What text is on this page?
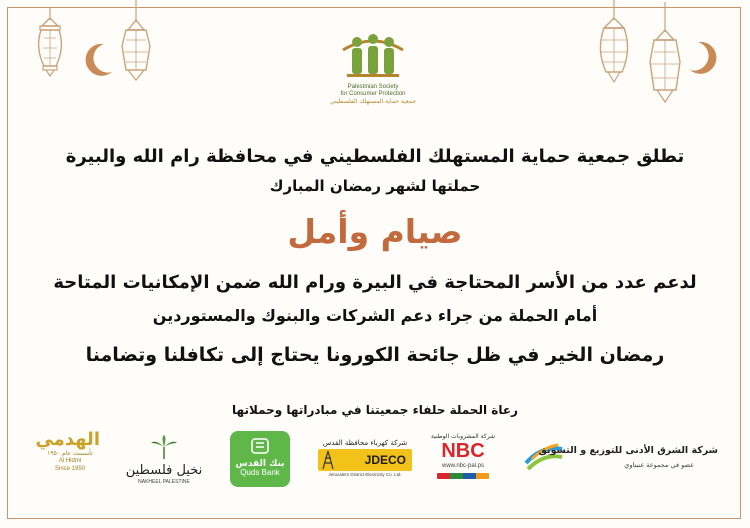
Palestinian Society
for Consumer Protection
جمعية حماية المستهلك الفلسطيني
تطلق جمعية حماية المستهلك الفلسطيني في محافظة رام الله والبيرة
حملتها لشهر رمضان المبارك
صيام وأمل
لدعم عدد من الأسر المحتاجة في البيرة ورام الله ضمن الإمكانيات المتاحة
أمام الحملة من جراء دعم الشركات والبنوك والمستوردين
رمضان الخير في ظل جائحة الكورونا يحتاج إلى تكافلنا وتضامنا
رعاة الحملة حلفاء جمعيتنا في مبادراتها وحملاتها
الهدمي
تأسست عام ١٩٥٠
Al Hidmi
Since 1950	نخيل فلسطين
NAKHEEL PALESTINE
بنك القدس
Quds Bank
شركة كهرباء محافظة القدس
JDECO
Jerusalem District Electricity Co. Ltd.
شركة المشروبات الوطنية
NBC
www.nbc-pal.ps
شركة الشرق الأدنى للتوزيع و التسويق
عضو في مجموعة عنبتاوي
